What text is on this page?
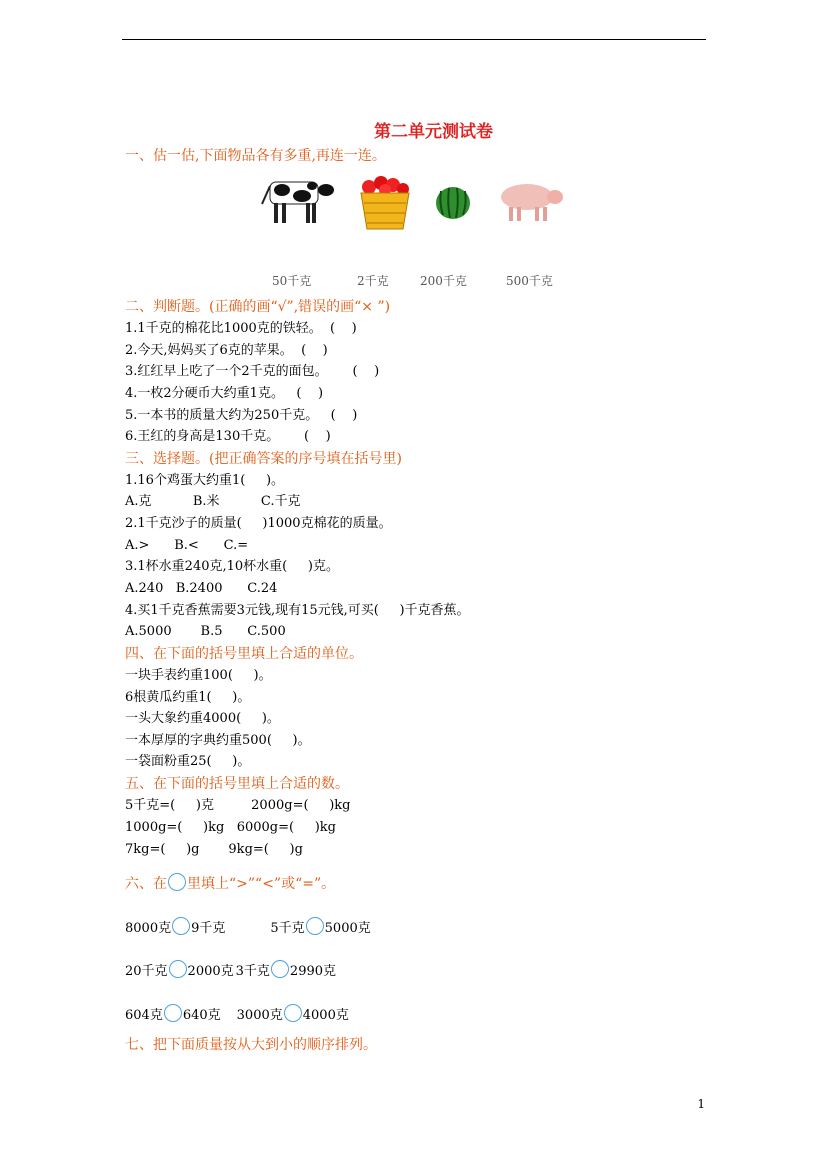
第二单元测试卷
一、估一估,下面物品各有多重,再连一连。
50千克	2千克	200千克	500千克
二、判断题。(正确的画“√”,错误的画“× ”)
1.1千克的棉花比1000克的铁轻。  (    )
2.今天,妈妈买了6克的苹果。  (    )
3.红红早上吃了一个2千克的面包。      (    )
4.一枚2分硬币大约重1克。   (    )
5.一本书的质量大约为250千克。   (    )
6.王红的身高是130千克。      (    )
三、选择题。(把正确答案的序号填在括号里)
1.16个鸡蛋大约重1(     )。
A.克          B.米          C.千克
2.1千克沙子的质量(     )1000克棉花的质量。
A.>      B.<      C.=
3.1杯水重240克,10杯水重(     )克。
A.240   B.2400      C.24
4.买1千克香蕉需要3元钱,现有15元钱,可买(     )千克香蕉。
A.5000       B.5      C.500
四、在下面的括号里填上合适的单位。
一块手表约重100(     )。
6根黄瓜约重1(     )。
一头大象约重4000(     )。
一本厚厚的字典约重500(     )。
一袋面粉重25(     )。
五、在下面的括号里填上合适的数。
5千克=(     )克         2000g=(     )kg
1000g=(     )kg   6000g=(     )kg
7kg=(     )g       9kg=(     )g
六、在 里填上“>”“<”或“=”。
8000克 9千克	5千克 5000克
20千克 2000克 3千克 2990克
604克 640克 3000克 4000克
七、把下面质量按从大到小的顺序排列。
1
